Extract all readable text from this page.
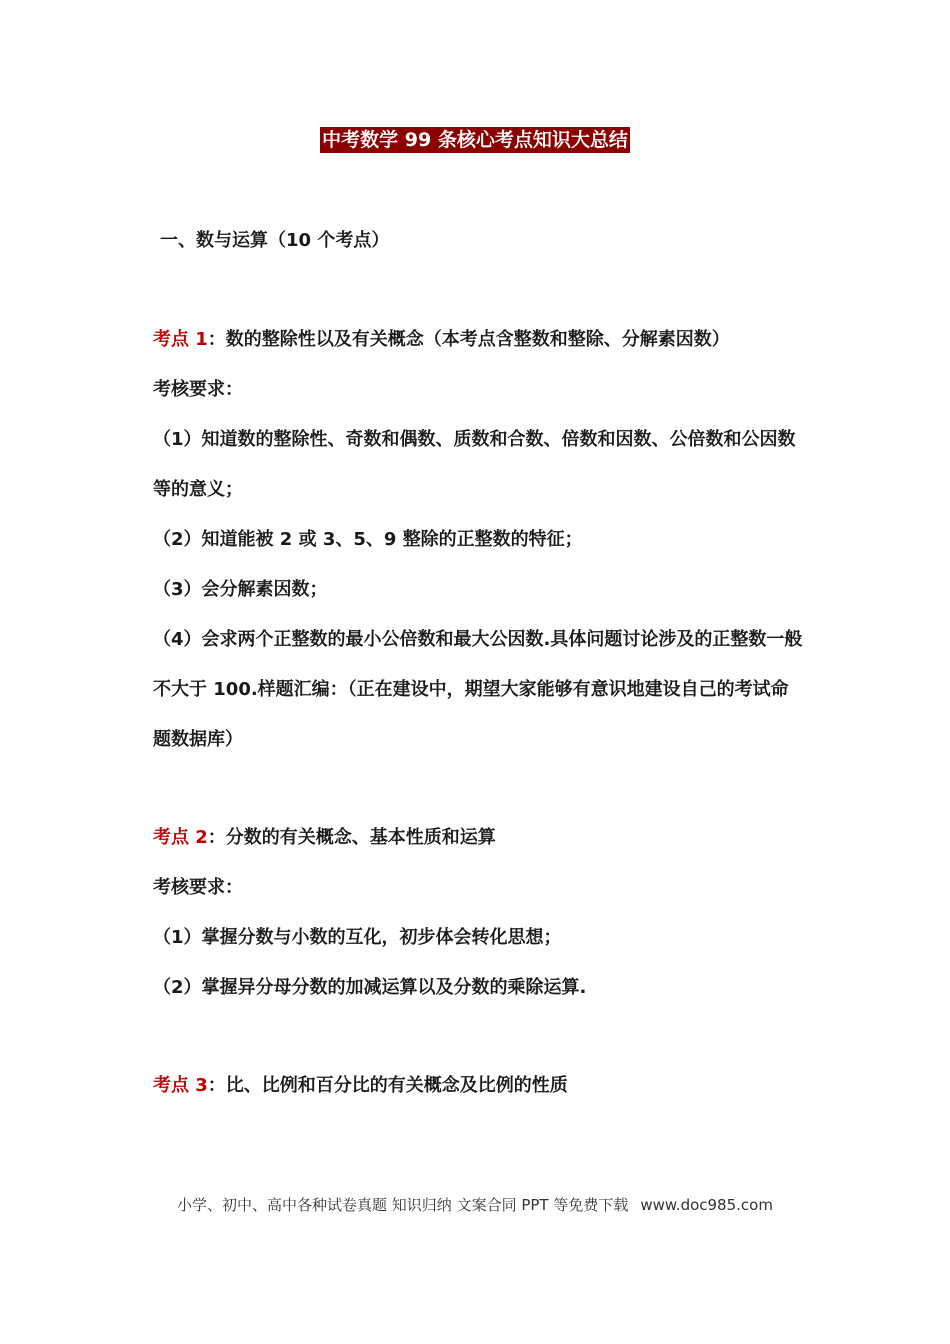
中考数学 99 条核心考点知识大总结
一、数与运算（10 个考点）

考点 1：数的整除性以及有关概念（本考点含整数和整除、分解素因数）

考核要求：

（1）知道数的整除性、奇数和偶数、质数和合数、倍数和因数、公倍数和公因数等的意义；

（2）知道能被 2 或 3、5、9 整除的正整数的特征；

（3）会分解素因数；

（4）会求两个正整数的最小公倍数和最大公因数.具体问题讨论涉及的正整数一般不大于 100.样题汇编：（正在建设中，期望大家能够有意识地建设自己的考试命题数据库）

考点 2：分数的有关概念、基本性质和运算

考核要求：

（1）掌握分数与小数的互化，初步体会转化思想；

（2）掌握异分母分数的加减运算以及分数的乘除运算.

考点 3：比、比例和百分比的有关概念及比例的性质

小学、初中、高中各种试卷真题 知识归纳 文案合同 PPT 等免费下载 www.doc985.com
